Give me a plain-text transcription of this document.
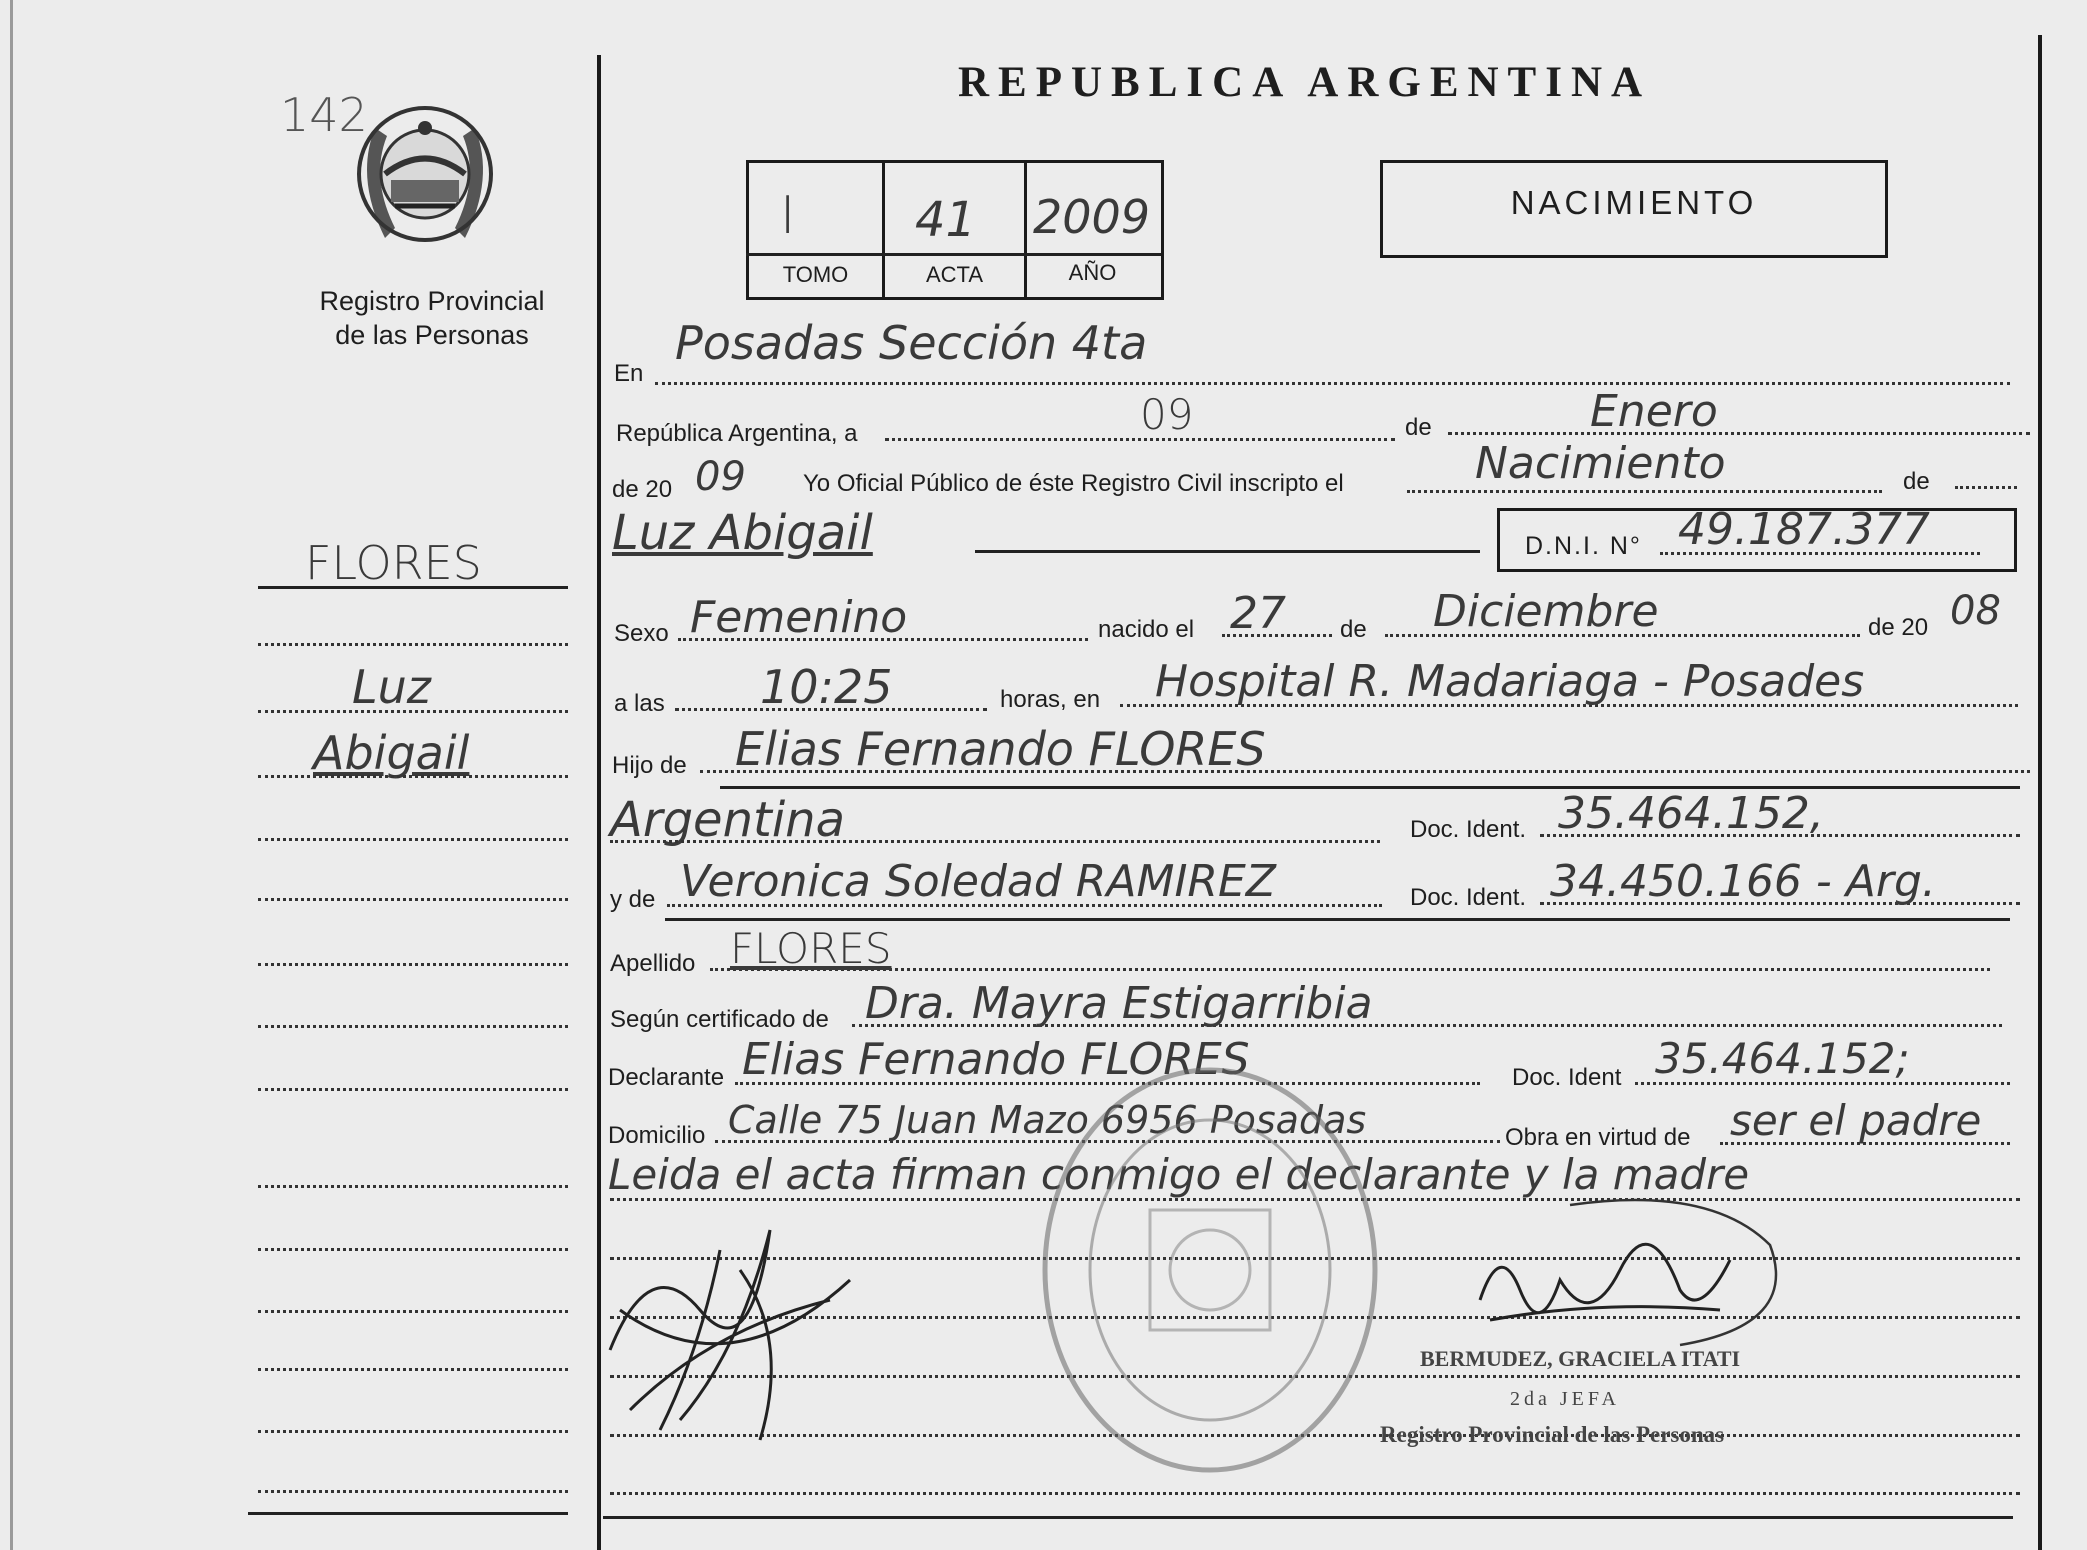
142
Registro Provincial
de las Personas
REPUBLICA ARGENTINA
I 41 2009
TOMO	ACTA	AÑO
NACIMIENTO
FLORES
Luz
Abigail
En
Posadas Sección 4ta
República Argentina, a	09	de	Enero
de 20 09 Yo Oficial Público de éste Registro Civil inscripto el	Nacimiento	de
Luz Abigail	D.N.I. N° 49.187.377
Sexo Femenino	nacido el 27 de Diciembre	de 20 08
a las 10:25	horas, en Hospital R. Madariaga - Posades
Hijo de Elias Fernando FLORES
Argentina	Doc. Ident. 35.464.152,
y de Veronica Soledad RAMIREZ	Doc. Ident. 34.450.166 - Arg.
Apellido FLORES
Según certificado de Dra. Mayra Estigarribia
Declarante Elias Fernando FLORES	Doc. Ident 35.464.152;
Domicilio Calle 75 Juan Mazo 6956 Posadas	Obra en virtud de ser el padre
Leida el acta firman conmigo el declarante y la madre
BERMUDEZ, GRACIELA ITATI
2da JEFA
Registro Provincial de las Personas
